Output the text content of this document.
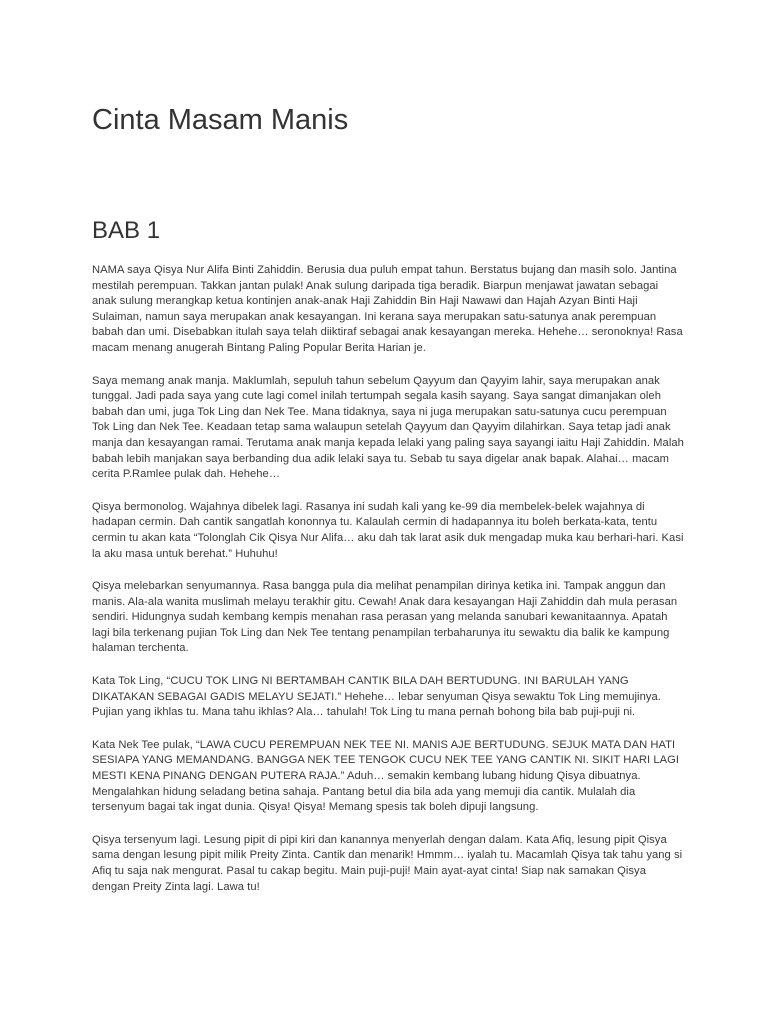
Cinta Masam Manis
BAB 1

NAMA saya Qisya Nur Alifa Binti Zahiddin. Berusia dua puluh empat tahun. Berstatus bujang dan masih solo. Jantina mestilah perempuan. Takkan jantan pulak! Anak sulung daripada tiga beradik. Biarpun menjawat jawatan sebagai anak sulung merangkap ketua kontinjen anak-anak Haji Zahiddin Bin Haji Nawawi dan Hajah Azyan Binti Haji Sulaiman, namun saya merupakan anak kesayangan. Ini kerana saya merupakan satu-satunya anak perempuan babah dan umi. Disebabkan itulah saya telah diiktiraf sebagai anak kesayangan mereka. Hehehe… seronoknya! Rasa macam menang anugerah Bintang Paling Popular Berita Harian je.

Saya memang anak manja. Maklumlah, sepuluh tahun sebelum Qayyum dan Qayyim lahir, saya merupakan anak tunggal. Jadi pada saya yang cute lagi comel inilah tertumpah segala kasih sayang. Saya sangat dimanjakan oleh babah dan umi, juga Tok Ling dan Nek Tee. Mana tidaknya, saya ni juga merupakan satu-satunya cucu perempuan Tok Ling dan Nek Tee. Keadaan tetap sama walaupun setelah Qayyum dan Qayyim dilahirkan. Saya tetap jadi anak manja dan kesayangan ramai. Terutama anak manja kepada lelaki yang paling saya sayangi iaitu Haji Zahiddin. Malah babah lebih manjakan saya berbanding dua adik lelaki saya tu. Sebab tu saya digelar anak bapak. Alahai… macam cerita P.Ramlee pulak dah. Hehehe…

Qisya bermonolog. Wajahnya dibelek lagi. Rasanya ini sudah kali yang ke-99 dia membelek-belek wajahnya di hadapan cermin. Dah cantik sangatlah kononnya tu. Kalaulah cermin di hadapannya itu boleh berkata-kata, tentu cermin tu akan kata “Tolonglah Cik Qisya Nur Alifa… aku dah tak larat asik duk mengadap muka kau berhari-hari. Kasi la aku masa untuk berehat.” Huhuhu!

Qisya melebarkan senyumannya. Rasa bangga pula dia melihat penampilan dirinya ketika ini. Tampak anggun dan manis. Ala-ala wanita muslimah melayu terakhir gitu. Cewah! Anak dara kesayangan Haji Zahiddin dah mula perasan sendiri. Hidungnya sudah kembang kempis menahan rasa perasan yang melanda sanubari kewanitaannya. Apatah lagi bila terkenang pujian Tok Ling dan Nek Tee tentang penampilan terbaharunya itu sewaktu dia balik ke kampung halaman terchenta.

Kata Tok Ling, “CUCU TOK LING NI BERTAMBAH CANTIK BILA DAH BERTUDUNG. INI BARULAH YANG DIKATAKAN SEBAGAI GADIS MELAYU SEJATI.” Hehehe… lebar senyuman Qisya sewaktu Tok Ling memujinya. Pujian yang ikhlas tu. Mana tahu ikhlas? Ala… tahulah! Tok Ling tu mana pernah bohong bila bab puji-puji ni.

Kata Nek Tee pulak, “LAWA CUCU PEREMPUAN NEK TEE NI. MANIS AJE BERTUDUNG. SEJUK MATA DAN HATI SESIAPA YANG MEMANDANG. BANGGA NEK TEE TENGOK CUCU NEK TEE YANG CANTIK NI. SIKIT HARI LAGI MESTI KENA PINANG DENGAN PUTERA RAJA.” Aduh… semakin kembang lubang hidung Qisya dibuatnya. Mengalahkan hidung seladang betina sahaja. Pantang betul dia bila ada yang memuji dia cantik. Mulalah dia tersenyum bagai tak ingat dunia. Qisya! Qisya! Memang spesis tak boleh dipuji langsung.

Qisya tersenyum lagi. Lesung pipit di pipi kiri dan kanannya menyerlah dengan dalam. Kata Afiq, lesung pipit Qisya sama dengan lesung pipit milik Preity Zinta. Cantik dan menarik! Hmmm… iyalah tu. Macamlah Qisya tak tahu yang si Afiq tu saja nak mengurat. Pasal tu cakap begitu. Main puji-puji! Main ayat-ayat cinta! Siap nak samakan Qisya dengan Preity Zinta lagi. Lawa tu!
